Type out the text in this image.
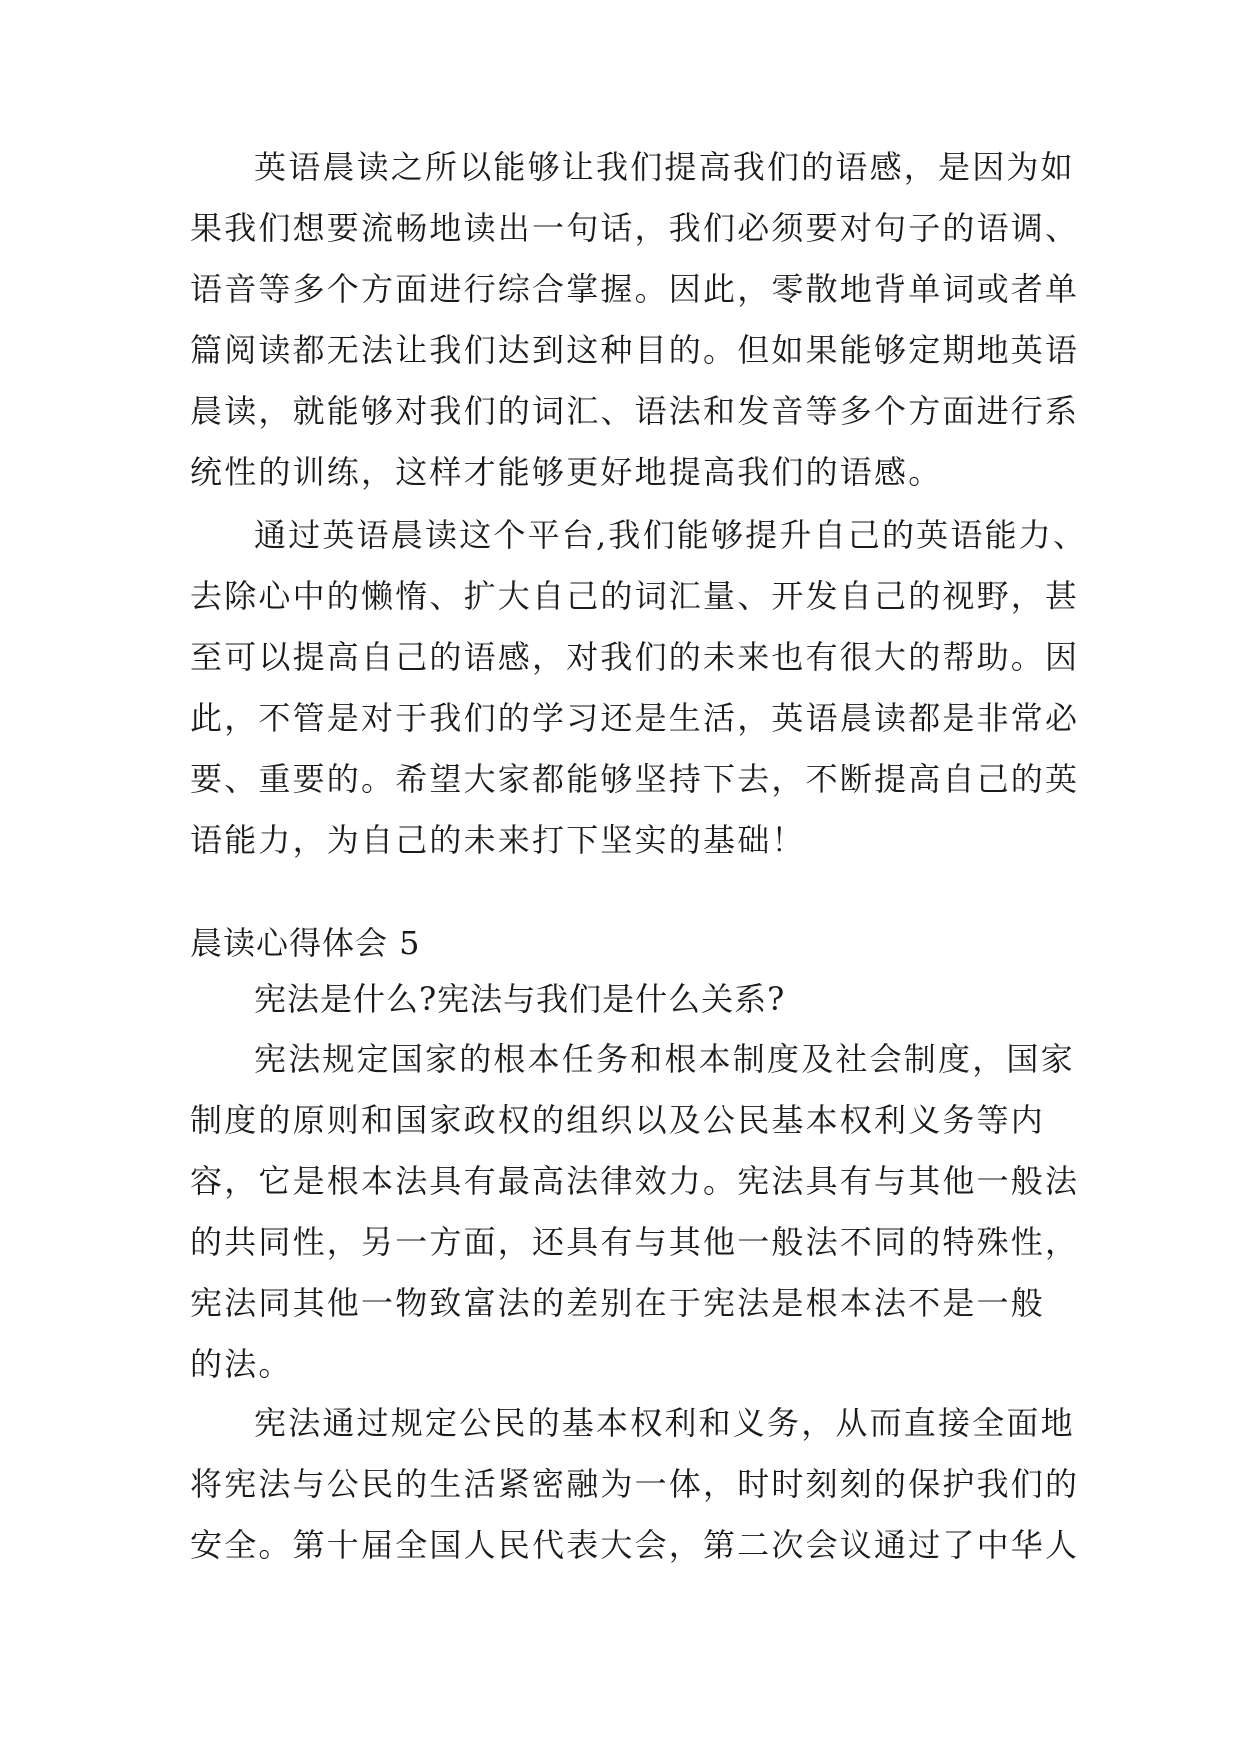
英语晨读之所以能够让我们提高我们的语感，是因为如
果我们想要流畅地读出一句话，我们必须要对句子的语调、
语音等多个方面进行综合掌握。因此，零散地背单词或者单
篇阅读都无法让我们达到这种目的。但如果能够定期地英语
晨读，就能够对我们的词汇、语法和发音等多个方面进行系
统性的训练，这样才能够更好地提高我们的语感。
通过英语晨读这个平台,我们能够提升自己的英语能力、
去除心中的懒惰、扩大自己的词汇量、开发自己的视野，甚
至可以提高自己的语感，对我们的未来也有很大的帮助。因
此，不管是对于我们的学习还是生活，英语晨读都是非常必
要、重要的。希望大家都能够坚持下去，不断提高自己的英
语能力，为自己的未来打下坚实的基础！
晨读心得体会 5
宪法是什么?宪法与我们是什么关系?
宪法规定国家的根本任务和根本制度及社会制度，国家
制度的原则和国家政权的组织以及公民基本权利义务等内
容，它是根本法具有最高法律效力。宪法具有与其他一般法
的共同性，另一方面，还具有与其他一般法不同的特殊性，
宪法同其他一物致富法的差别在于宪法是根本法不是一般
的法。
宪法通过规定公民的基本权利和义务，从而直接全面地
将宪法与公民的生活紧密融为一体，时时刻刻的保护我们的
安全。第十届全国人民代表大会，第二次会议通过了中华人
